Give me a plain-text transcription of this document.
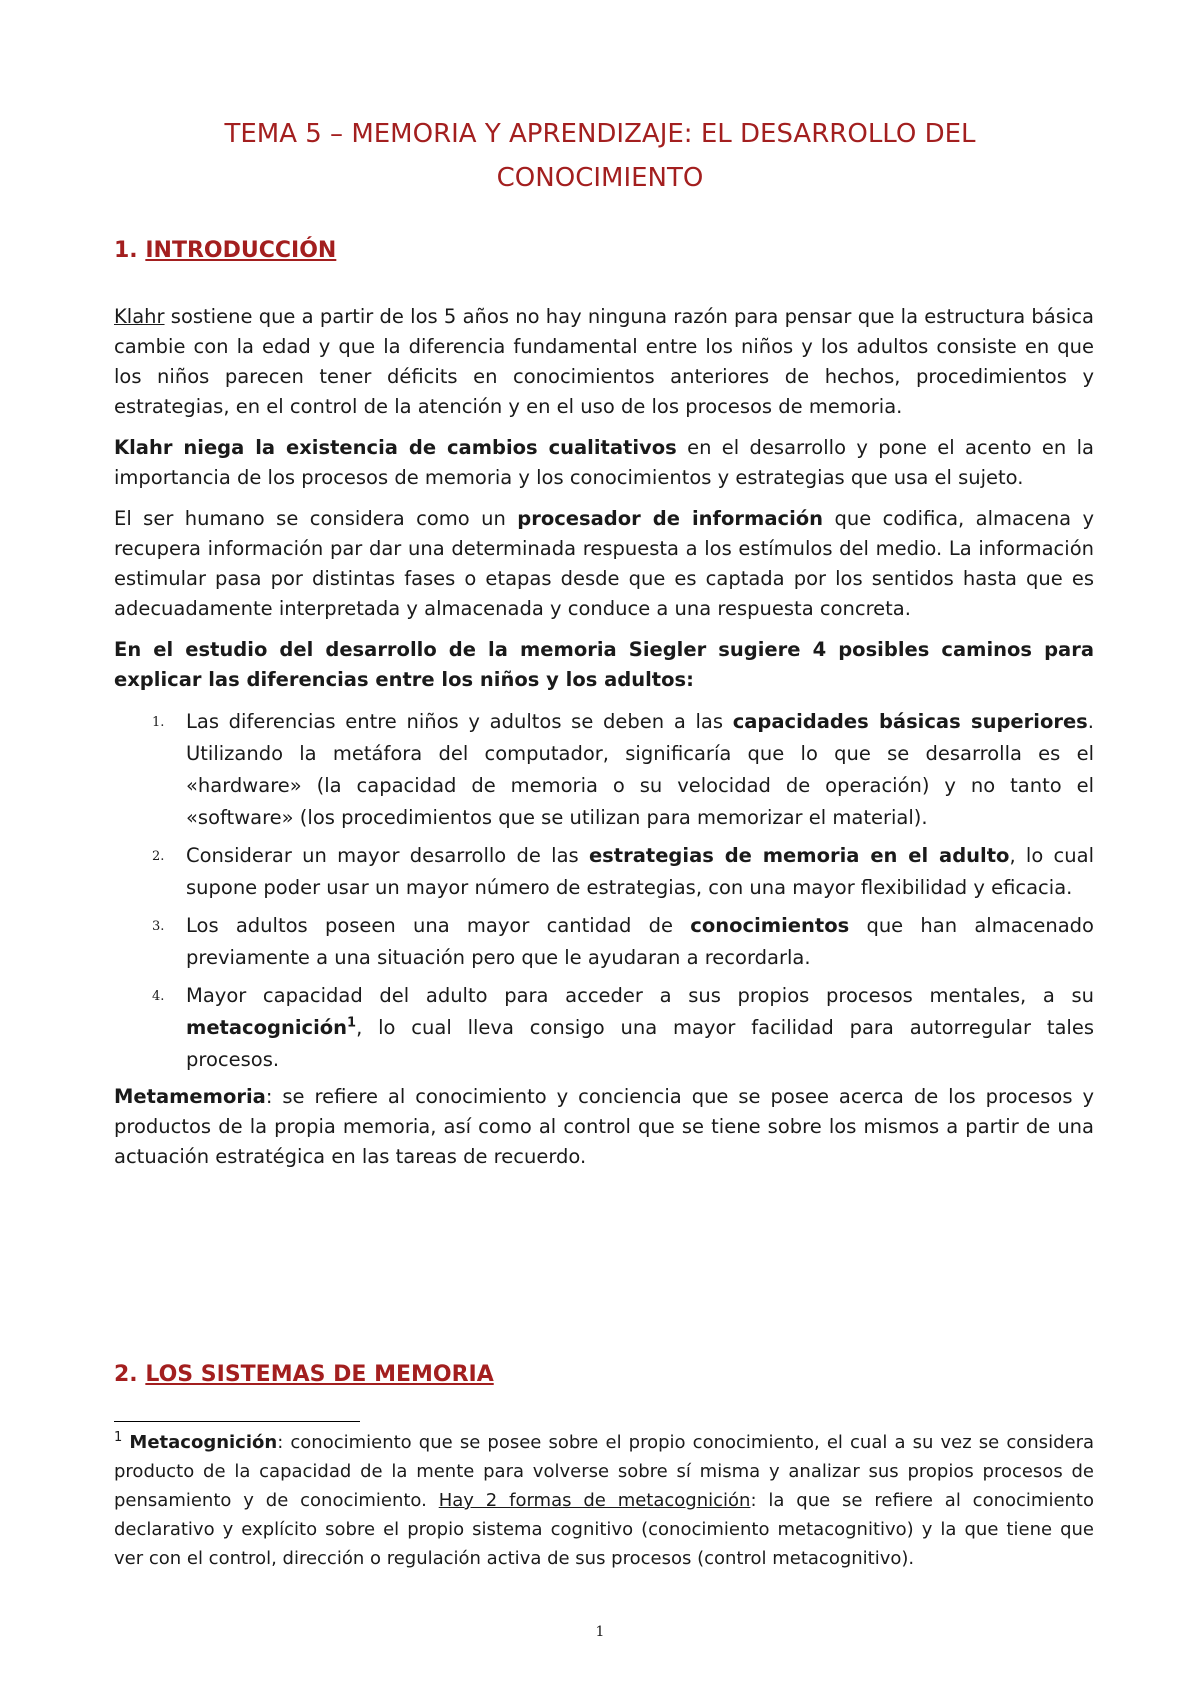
TEMA 5 – MEMORIA Y APRENDIZAJE: EL DESARROLLO DEL
CONOCIMIENTO
1. INTRODUCCIÓN

Klahr sostiene que a partir de los 5 años no hay ninguna razón para pensar que la estructura básica cambie con la edad y que la diferencia fundamental entre los niños y los adultos consiste en que los niños parecen tener déficits en conocimientos anteriores de hechos, procedimientos y estrategias, en el control de la atención y en el uso de los procesos de memoria.

Klahr niega la existencia de cambios cualitativos en el desarrollo y pone el acento en la importancia de los procesos de memoria y los conocimientos y estrategias que usa el sujeto.

El ser humano se considera como un procesador de información que codifica, almacena y recupera información par dar una determinada respuesta a los estímulos del medio. La información estimular pasa por distintas fases o etapas desde que es captada por los sentidos hasta que es adecuadamente interpretada y almacenada y conduce a una respuesta concreta.

En el estudio del desarrollo de la memoria Siegler sugiere 4 posibles caminos para explicar las diferencias entre los niños y los adultos:

1. Las diferencias entre niños y adultos se deben a las capacidades básicas superiores. Utilizando la metáfora del computador, significaría que lo que se desarrolla es el «hardware» (la capacidad de memoria o su velocidad de operación) y no tanto el «software» (los procedimientos que se utilizan para memorizar el material).
2. Considerar un mayor desarrollo de las estrategias de memoria en el adulto, lo cual supone poder usar un mayor número de estrategias, con una mayor flexibilidad y eficacia.
3. Los adultos poseen una mayor cantidad de conocimientos que han almacenado previamente a una situación pero que le ayudaran a recordarla.
4. Mayor capacidad del adulto para acceder a sus propios procesos mentales, a su metacognición$^1$, lo cual lleva consigo una mayor facilidad para autorregular tales procesos.

Metamemoria: se refiere al conocimiento y conciencia que se posee acerca de los procesos y productos de la propia memoria, así como al control que se tiene sobre los mismos a partir de una actuación estratégica en las tareas de recuerdo.

2. LOS SISTEMAS DE MEMORIA

$^1$ Metacognición: conocimiento que se posee sobre el propio conocimiento, el cual a su vez se considera producto de la capacidad de la mente para volverse sobre sí misma y analizar sus propios procesos de pensamiento y de conocimiento. Hay 2 formas de metacognición: la que se refiere al conocimiento declarativo y explícito sobre el propio sistema cognitivo (conocimiento metacognitivo) y la que tiene que ver con el control, dirección o regulación activa de sus procesos (control metacognitivo).

1
